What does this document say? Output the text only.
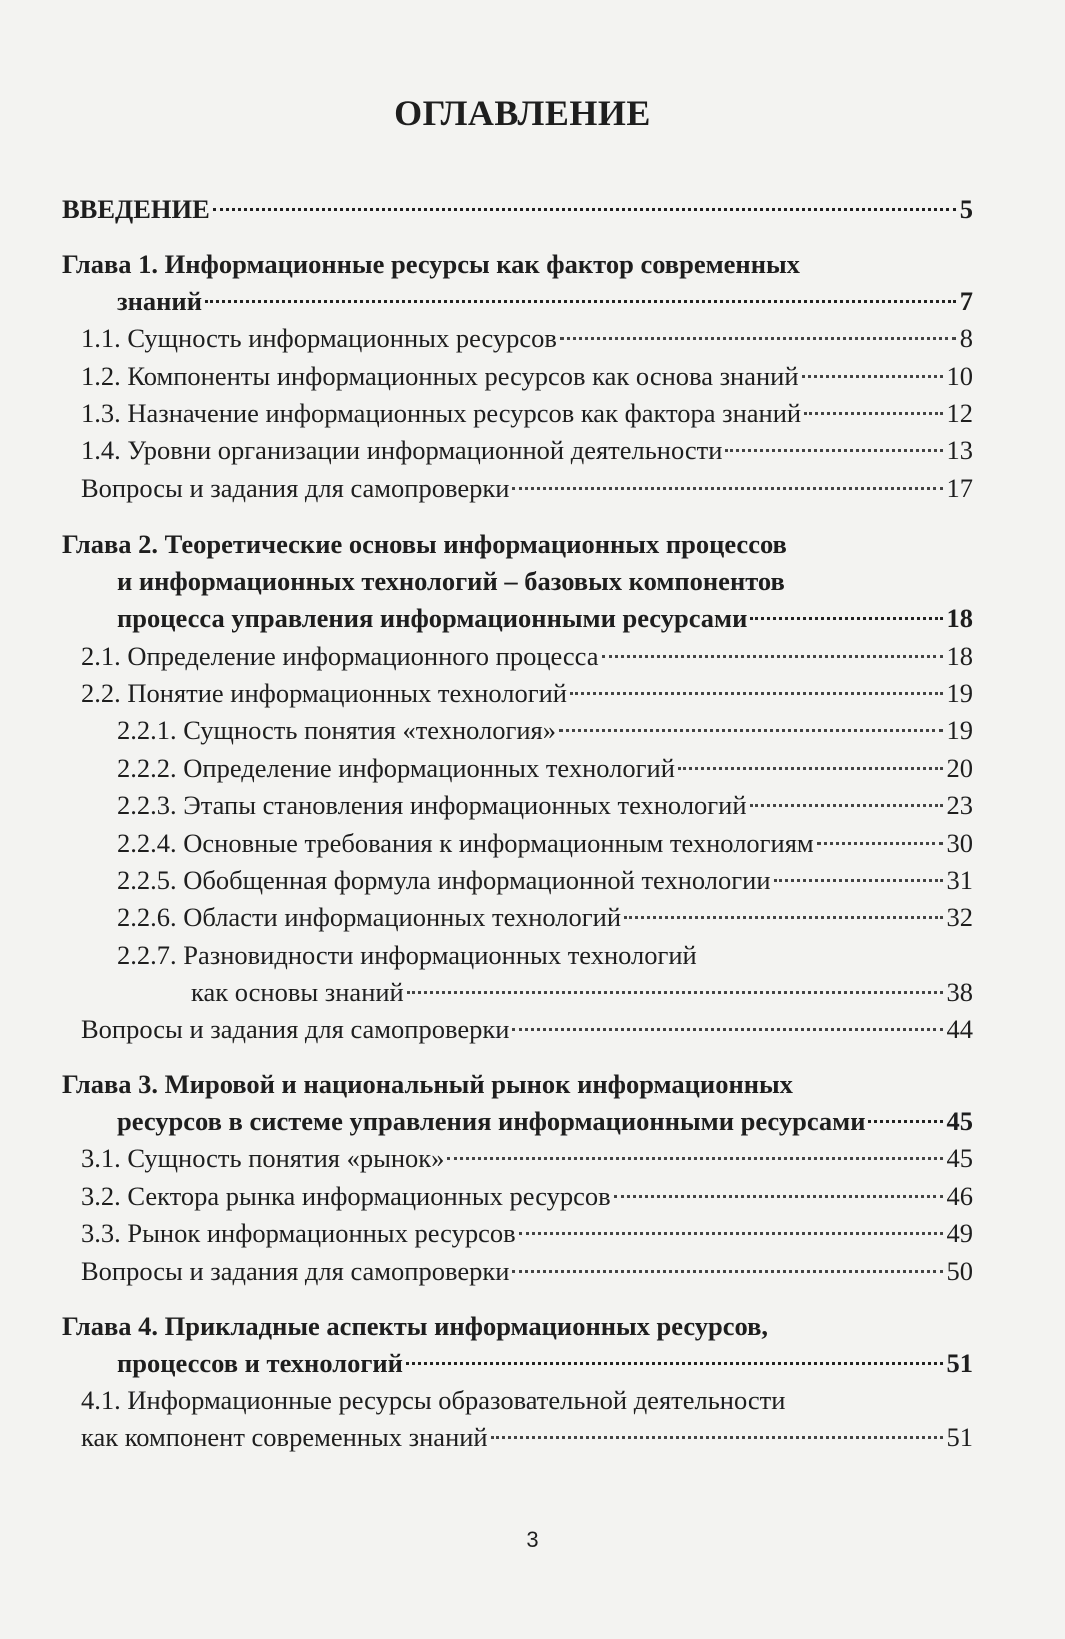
ОГЛАВЛЕНИЕ
ВВЕДЕНИЕ	5
Глава 1. Информационные ресурсы как фактор современных
знаний	7
1.1. Сущность информационных ресурсов	8
1.2. Компоненты информационных ресурсов как основа знаний	10
1.3. Назначение информационных ресурсов как фактора знаний	12
1.4. Уровни организации информационной деятельности	13
Вопросы и задания для самопроверки	17
Глава 2. Теоретические основы информационных процессов
и информационных технологий – базовых компонентов
процесса управления информационными ресурсами	18
2.1. Определение информационного процесса	18
2.2. Понятие информационных технологий	19
2.2.1. Сущность понятия «технология»	19
2.2.2. Определение информационных технологий	20
2.2.3. Этапы становления информационных технологий	23
2.2.4. Основные требования к информационным технологиям	30
2.2.5. Обобщенная формула информационной технологии	31
2.2.6. Области информационных технологий	32
2.2.7. Разновидности информационных технологий
как основы знаний	38
Вопросы и задания для самопроверки	44
Глава 3. Мировой и национальный рынок информационных
ресурсов в системе управления информационными ресурсами	45
3.1. Сущность понятия «рынок»	45
3.2. Сектора рынка информационных ресурсов	46
3.3. Рынок информационных ресурсов	49
Вопросы и задания для самопроверки	50
Глава 4. Прикладные аспекты информационных ресурсов,
процессов и технологий	51
4.1. Информационные ресурсы образовательной деятельности
как компонент современных знаний	51
3
